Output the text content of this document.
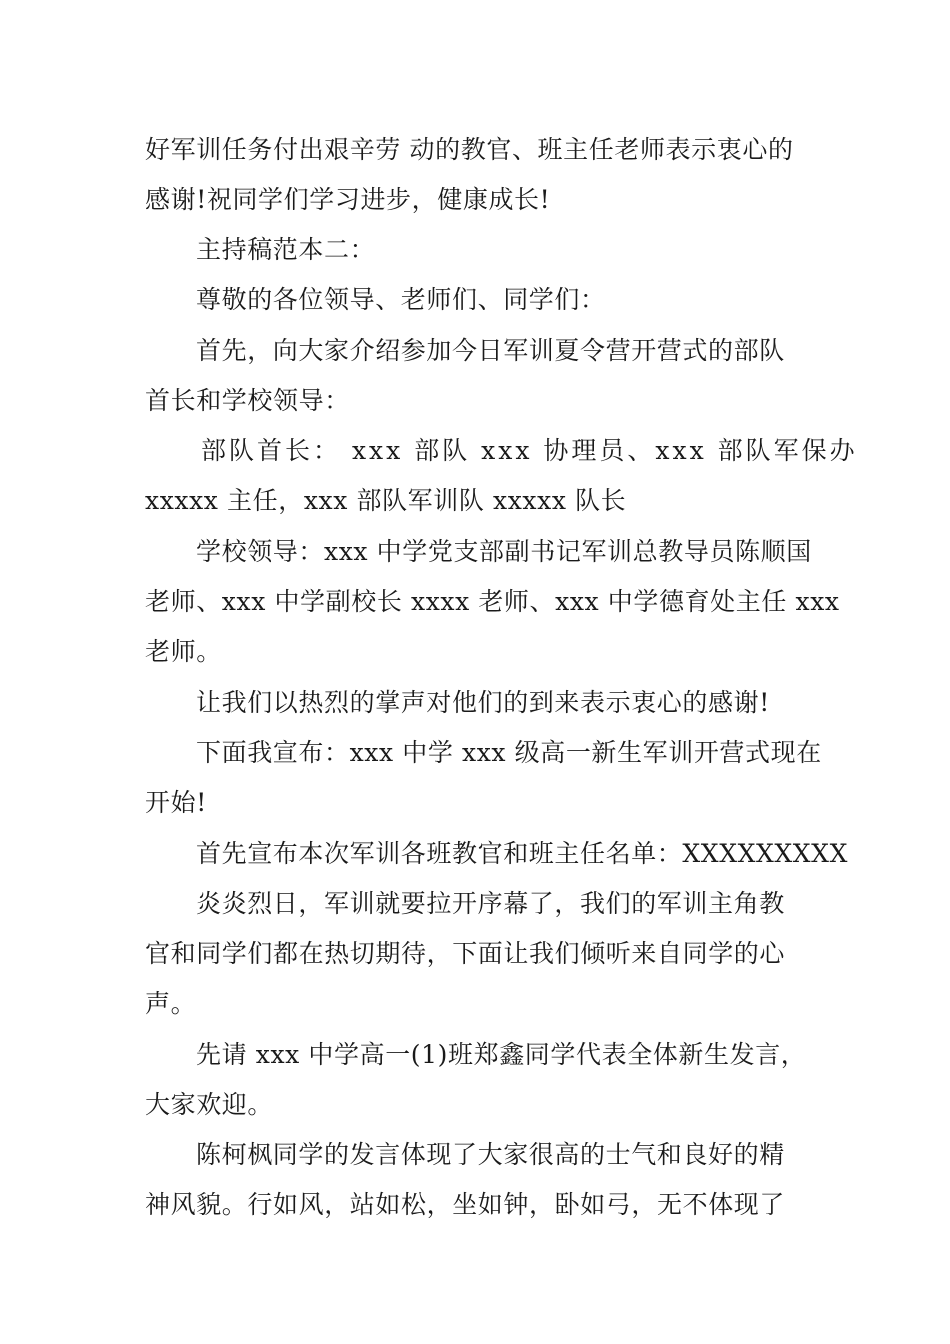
好军训任务付出艰辛劳 动的教官、班主任老师表示衷心的
感谢!祝同学们学习进步，健康成长!
主持稿范本二：
尊敬的各位领导、老师们、同学们：
首先，向大家介绍参加今日军训夏令营开营式的部队
首长和学校领导：
部队首长： xxx 部队 xxx 协理员、xxx 部队军保办
xxxxx 主任，xxx 部队军训队 xxxxx 队长
学校领导：xxx 中学党支部副书记军训总教导员陈顺国
老师、xxx 中学副校长 xxxx 老师、xxx 中学德育处主任 xxx
老师。
让我们以热烈的掌声对他们的到来表示衷心的感谢!
下面我宣布：xxx 中学 xxx 级高一新生军训开营式现在
开始!
首先宣布本次军训各班教官和班主任名单：XXXXXXXXX
炎炎烈日，军训就要拉开序幕了，我们的军训主角教
官和同学们都在热切期待，下面让我们倾听来自同学的心
声。
先请 xxx 中学高一(1)班郑鑫同学代表全体新生发言，
大家欢迎。
陈柯枫同学的发言体现了大家很高的士气和良好的精
神风貌。行如风，站如松，坐如钟，卧如弓，无不体现了
